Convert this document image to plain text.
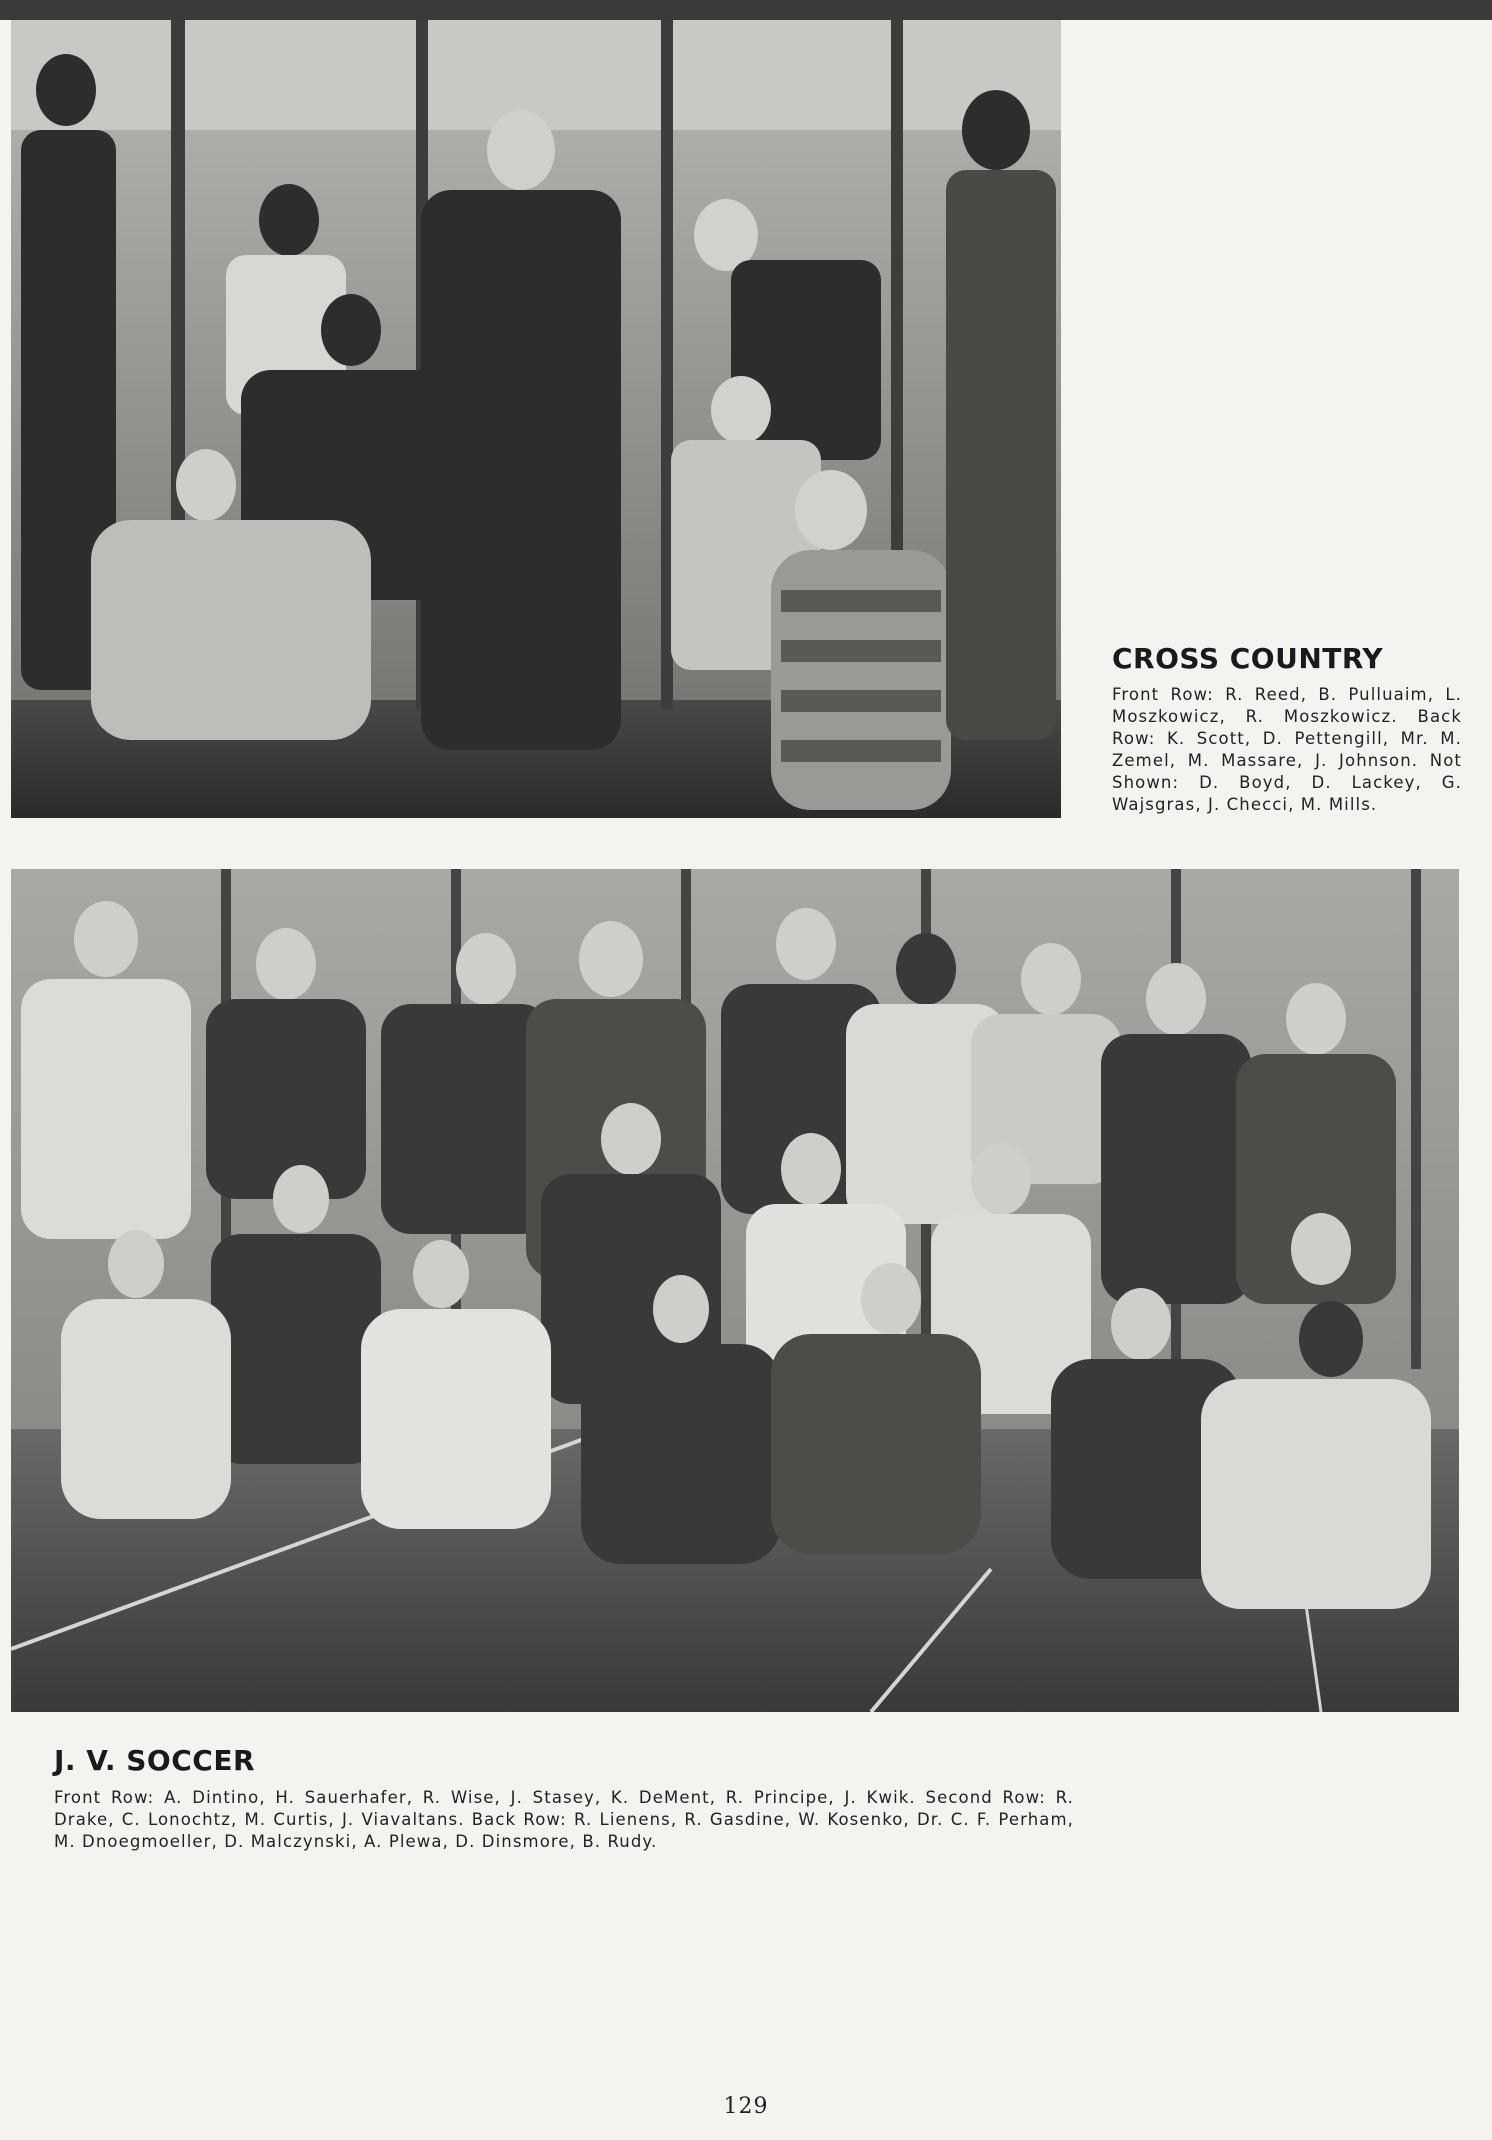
CROSS COUNTRY
Front Row: R. Reed, B. Pulluaim, L. Moszkowicz, R. Moszkowicz. Back Row: K. Scott, D. Pettengill, Mr. M. Zemel, M. Massare, J. Johnson. Not Shown: D. Boyd, D. Lackey, G. Wajsgras, J. Checci, M. Mills.
J. V. SOCCER
Front Row: A. Dintino, H. Sauerhafer, R. Wise, J. Stasey, K. DeMent, R. Principe, J. Kwik. Second Row: R. Drake, C. Lonochtz, M. Curtis, J. Viavaltans. Back Row: R. Lienens, R. Gasdine, W. Kosenko, Dr. C. F. Perham, M. Dnoegmoeller, D. Malczynski, A. Plewa, D. Dinsmore, B. Rudy.
129
